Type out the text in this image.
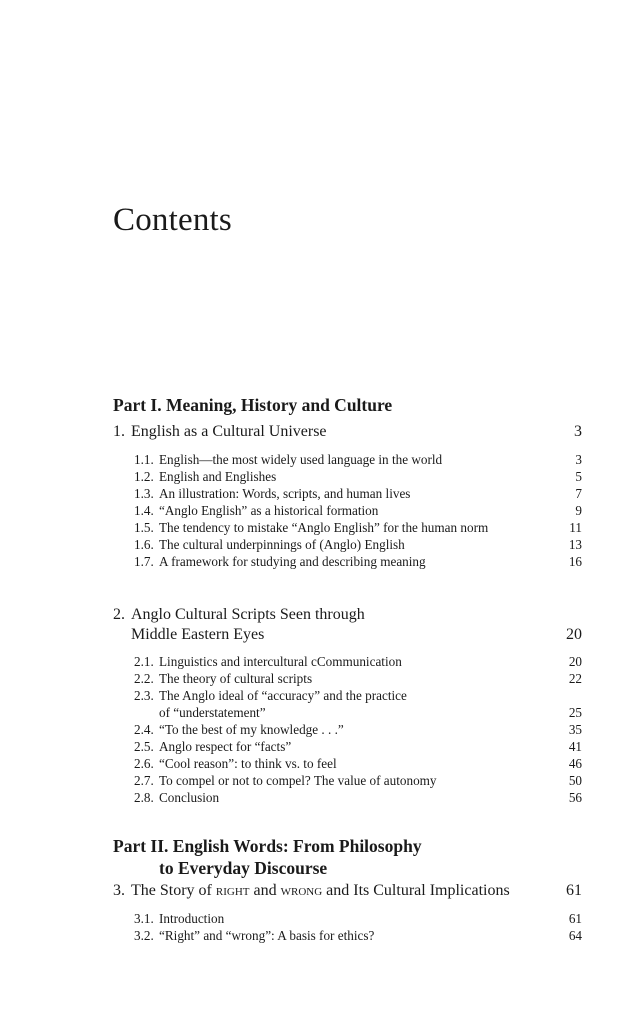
Contents
Part I. Meaning, History and Culture
1. English as a Cultural Universe	3
1.1. English—the most widely used language in the world	3
1.2. English and Englishes	5
1.3. An illustration: Words, scripts, and human lives	7
1.4. “Anglo English” as a historical formation	9
1.5. The tendency to mistake “Anglo English” for the human norm	11
1.6. The cultural underpinnings of (Anglo) English	13
1.7. A framework for studying and describing meaning	16
2. Anglo Cultural Scripts Seen through
Middle Eastern Eyes	20
2.1. Linguistics and intercultural cCommunication	20
2.2. The theory of cultural scripts	22
2.3. The Anglo ideal of “accuracy” and the practice
of “understatement”	25
2.4. “To the best of my knowledge . . .”	35
2.5. Anglo respect for “facts”	41
2.6. “Cool reason”: to think vs. to feel	46
2.7. To compel or not to compel? The value of autonomy	50
2.8. Conclusion	56
Part II. English Words: From Philosophy
to Everyday Discourse
3. The Story of right and wrong and Its Cultural Implications	61
3.1. Introduction	61
3.2. “Right” and “wrong”: A basis for ethics?	64
